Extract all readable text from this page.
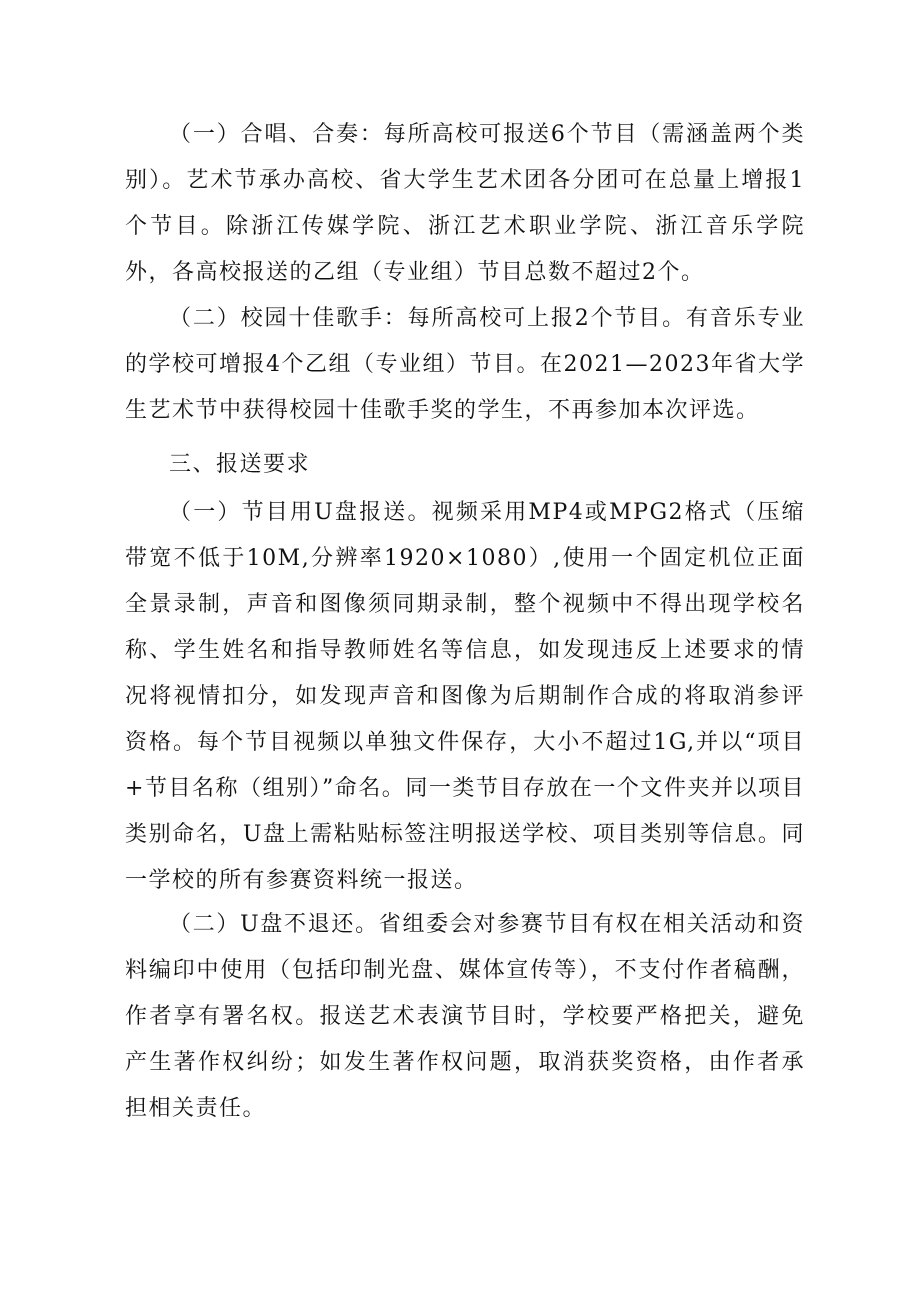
（一）合唱、合奏：每所高校可报送6个节目（需涵盖两个类别）。艺术节承办高校、省大学生艺术团各分团可在总量上增报1个节目。除浙江传媒学院、浙江艺术职业学院、浙江音乐学院外，各高校报送的乙组（专业组）节目总数不超过2个。

（二）校园十佳歌手：每所高校可上报2个节目。有音乐专业的学校可增报4个乙组（专业组）节目。在2021—2023年省大学生艺术节中获得校园十佳歌手奖的学生，不再参加本次评选。

三、报送要求

（一）节目用U盘报送。视频采用MP4或MPG2格式（压缩带宽不低于10M,分辨率1920×1080）,使用一个固定机位正面全景录制，声音和图像须同期录制，整个视频中不得出现学校名称、学生姓名和指导教师姓名等信息，如发现违反上述要求的情况将视情扣分，如发现声音和图像为后期制作合成的将取消参评资格。每个节目视频以单独文件保存，大小不超过1G,并以“项目+节目名称（组别）”命名。同一类节目存放在一个文件夹并以项目类别命名，U盘上需粘贴标签注明报送学校、项目类别等信息。同一学校的所有参赛资料统一报送。

（二）U盘不退还。省组委会对参赛节目有权在相关活动和资料编印中使用（包括印制光盘、媒体宣传等），不支付作者稿酬，作者享有署名权。报送艺术表演节目时，学校要严格把关，避免产生著作权纠纷；如发生著作权问题，取消获奖资格，由作者承担相关责任。
